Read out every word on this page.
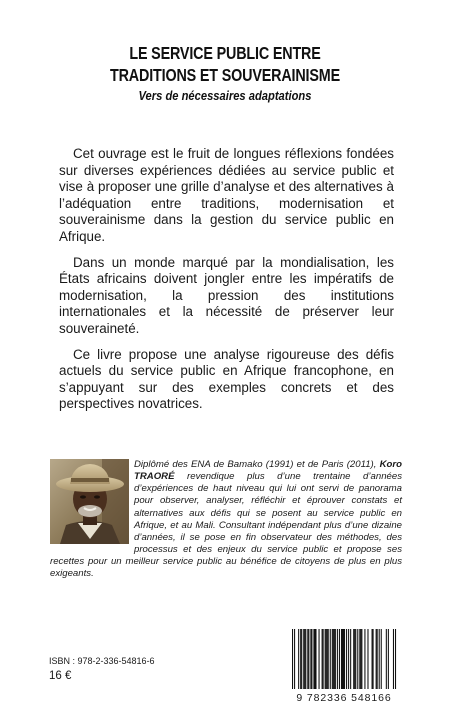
LE SERVICE PUBLIC ENTRE
TRADITIONS ET SOUVERAINISME
Vers de nécessaires adaptations

Cet ouvrage est le fruit de longues réflexions fondées sur diverses expériences dédiées au service public et vise à proposer une grille d’analyse et des alternatives à l’adéquation entre traditions, modernisation et souverainisme dans la gestion du service public en Afrique.

Dans un monde marqué par la mondialisation, les États africains doivent jongler entre les impératifs de modernisation, la pression des institutions internationales et la nécessité de préserver leur souveraineté.

Ce livre propose une analyse rigoureuse des défis actuels du service public en Afrique francophone, en s’appuyant sur des exemples concrets et des perspectives novatrices.

Diplômé des ENA de Bamako (1991) et de Paris (2011), Koro TRAORÉ revendique plus d’une trentaine d’années d’expériences de haut niveau qui lui ont servi de panorama pour observer, analyser, réfléchir et éprouver constats et alternatives aux défis qui se posent au service public en Afrique, et au Mali. Consultant indépendant plus d’une dizaine d’années, il se pose en fin observateur des méthodes, des processus et des enjeux du service public et propose ses recettes pour un meilleur service public au bénéfice de citoyens de plus en plus exigeants.
ISBN : 978-2-336-54816-6
16 €
9 782336 548166
